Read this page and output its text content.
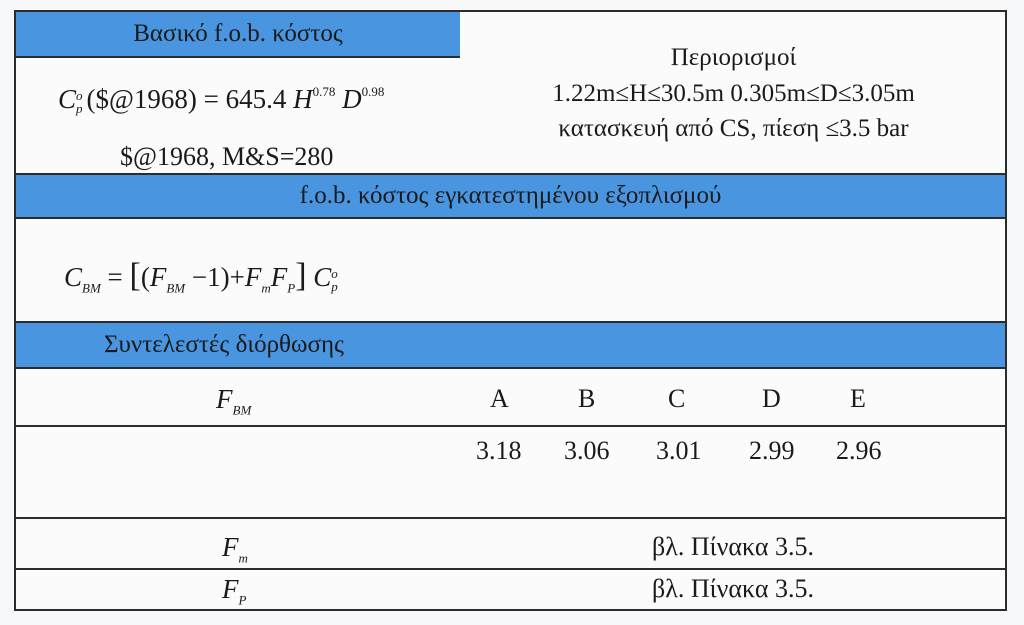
Βασικό f.o.b. κόστος
C o
p ($@1968) = 645.4 $H^{0.78}$ $D^{0.98}$
$@1968, M&S=280
Περιορισμοί
1.22m≤H≤30.5m 0.305m≤D≤3.05m
κατασκευή από CS, πίεση ≤3.5 bar
f.o.b. κόστος εγκατεστημένου εξοπλισμού
$C_{BM} = [(F_{BM} -1)+F_mF_P]$ C o
p
Συντελεστές διόρθωσης
$F_{BM}$	A	B	C	D	E
3.18 3.06 3.01 2.99 2.96
$F_m$	βλ. Πίνακα 3.5.
$F_P$	βλ. Πίνακα 3.5.
